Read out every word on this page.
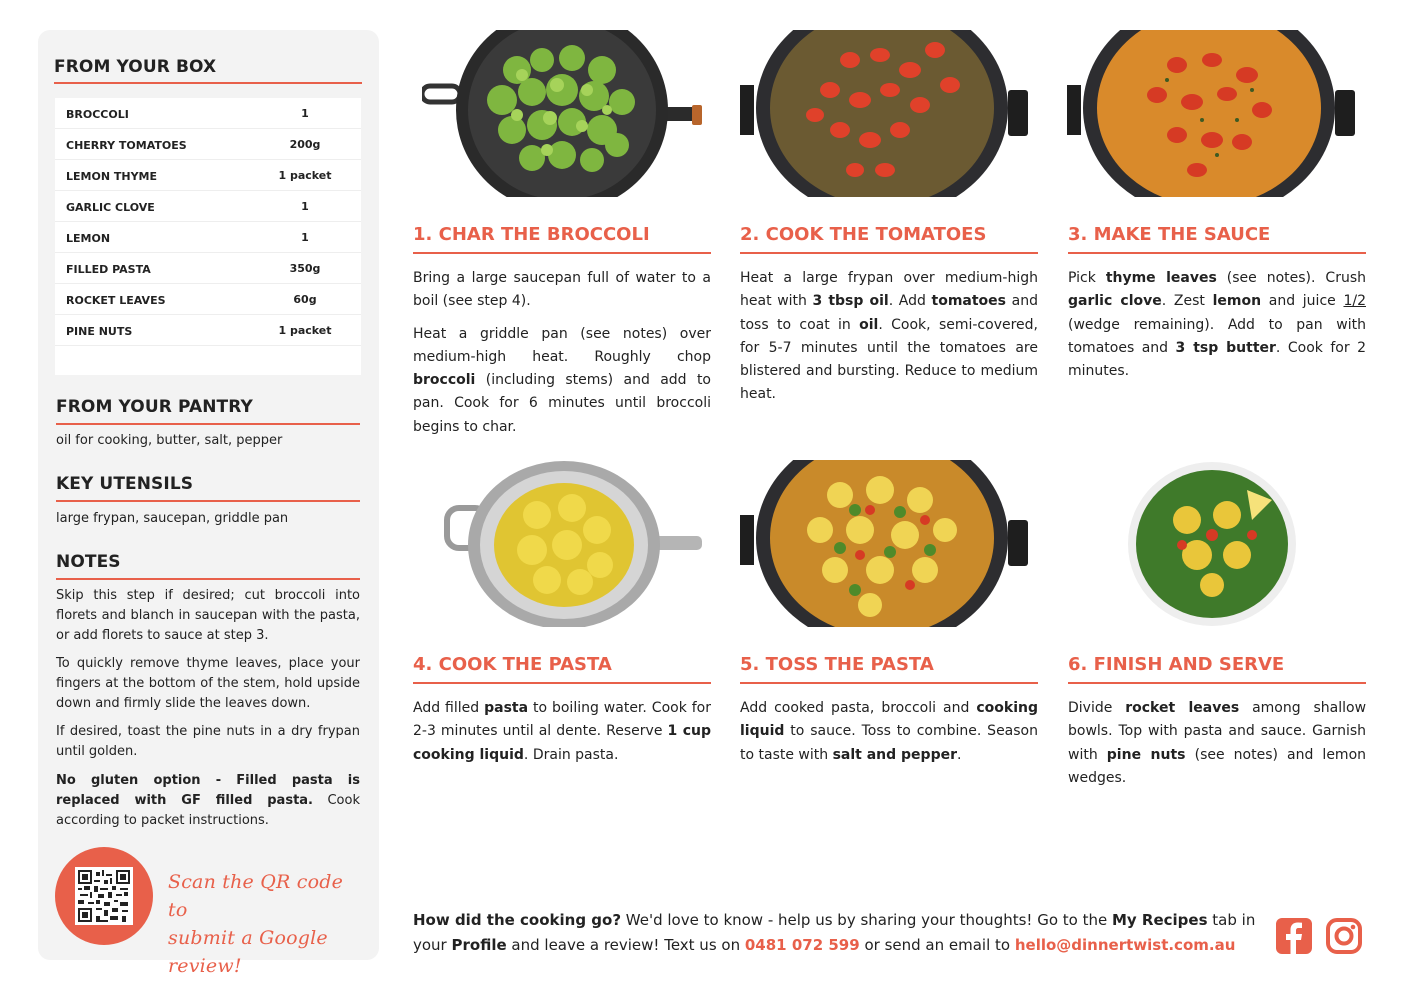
FROM YOUR BOX
BROCCOLI	1
CHERRY TOMATOES	200g
LEMON THYME	1 packet
GARLIC CLOVE	1
LEMON	1
FILLED PASTA	350g
ROCKET LEAVES	60g
PINE NUTS	1 packet
FROM YOUR PANTRY
oil for cooking, butter, salt, pepper
KEY UTENSILS
large frypan, saucepan, griddle pan
NOTES
Skip this step if desired; cut broccoli into florets and blanch in saucepan with the pasta, or add florets to sauce at step 3.
To quickly remove thyme leaves, place your fingers at the bottom of the stem, hold upside down and firmly slide the leaves down.
If desired, toast the pine nuts in a dry frypan until golden.
No gluten option - Filled pasta is replaced with GF filled pasta. Cook according to packet instructions.
Scan the QR code to
submit a Google review!
1. CHAR THE BROCCOLI

Bring a large saucepan full of water to a boil (see step 4).

Heat a griddle pan (see notes) over medium-high heat. Roughly chop broccoli (including stems) and add to pan. Cook for 6 minutes until broccoli begins to char.

2. COOK THE TOMATOES

Heat a large frypan over medium-high heat with 3 tbsp oil. Add tomatoes and toss to coat in oil. Cook, semi-covered, for 5-7 minutes until the tomatoes are blistered and bursting. Reduce to medium heat.

3. MAKE THE SAUCE

Pick thyme leaves (see notes). Crush garlic clove. Zest lemon and juice 1/2 (wedge remaining). Add to pan with tomatoes and 3 tsp butter. Cook for 2 minutes.

4. COOK THE PASTA

Add filled pasta to boiling water. Cook for 2-3 minutes until al dente. Reserve 1 cup cooking liquid. Drain pasta.

5. TOSS THE PASTA

Add cooked pasta, broccoli and cooking liquid to sauce. Toss to combine. Season to taste with salt and pepper.

6. FINISH AND SERVE

Divide rocket leaves among shallow bowls. Top with pasta and sauce. Garnish with pine nuts (see notes) and lemon wedges.

How did the cooking go? We'd love to know - help us by sharing your thoughts! Go to the My Recipes tab in your Profile and leave a review! Text us on 0481 072 599 or send an email to hello@dinnertwist.com.au
